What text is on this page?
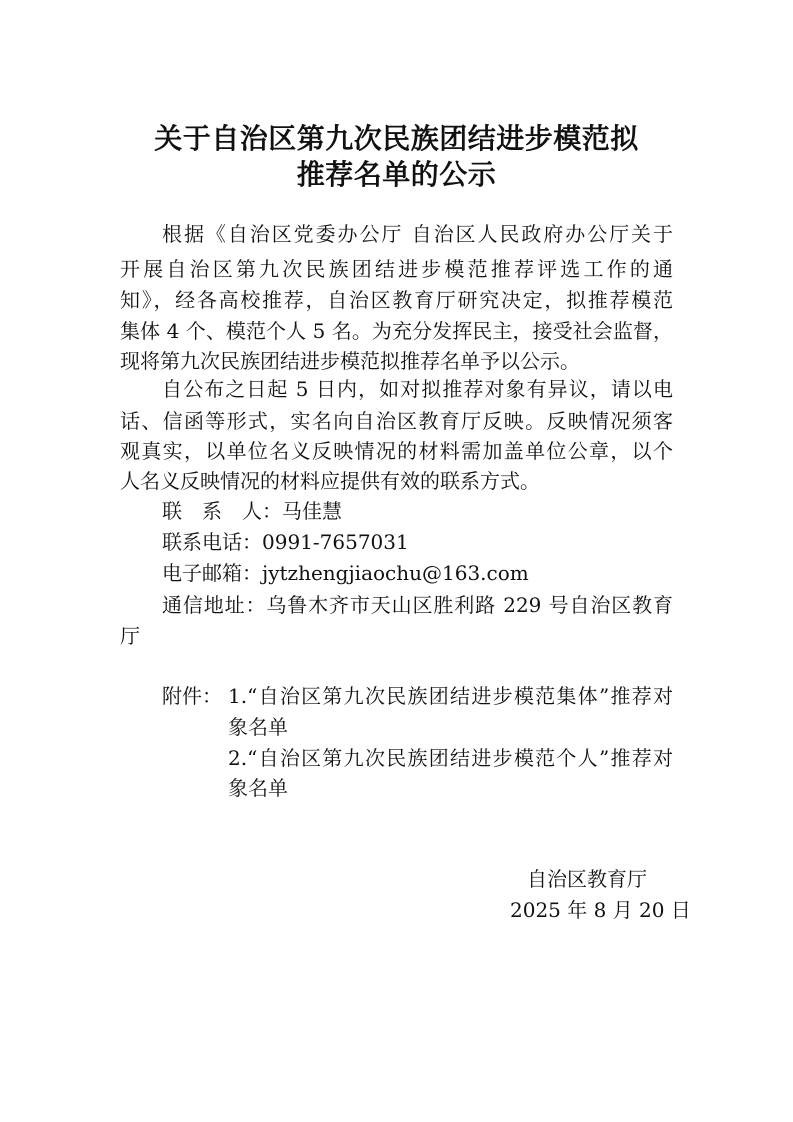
关于自治区第九次民族团结进步模范拟
推荐名单的公示
根据《自治区党委办公厅 自治区人民政府办公厅关于
开展自治区第九次民族团结进步模范推荐评选工作的通
知》，经各高校推荐，自治区教育厅研究决定，拟推荐模范
集体 4 个、模范个人 5 名。为充分发挥民主，接受社会监督，
现将第九次民族团结进步模范拟推荐名单予以公示。
自公布之日起 5 日内，如对拟推荐对象有异议，请以电
话、信函等形式，实名向自治区教育厅反映。反映情况须客
观真实，以单位名义反映情况的材料需加盖单位公章，以个
人名义反映情况的材料应提供有效的联系方式。
联　系　人：马佳慧
联系电话：0991-7657031
电子邮箱：jytzhengjiaochu@163.com
通信地址：乌鲁木齐市天山区胜利路 229 号自治区教育
厅
附件： 1.“自治区第九次民族团结进步模范集体”推荐对
象名单
2.“自治区第九次民族团结进步模范个人”推荐对
象名单
自治区教育厅
2025 年 8 月 20 日
